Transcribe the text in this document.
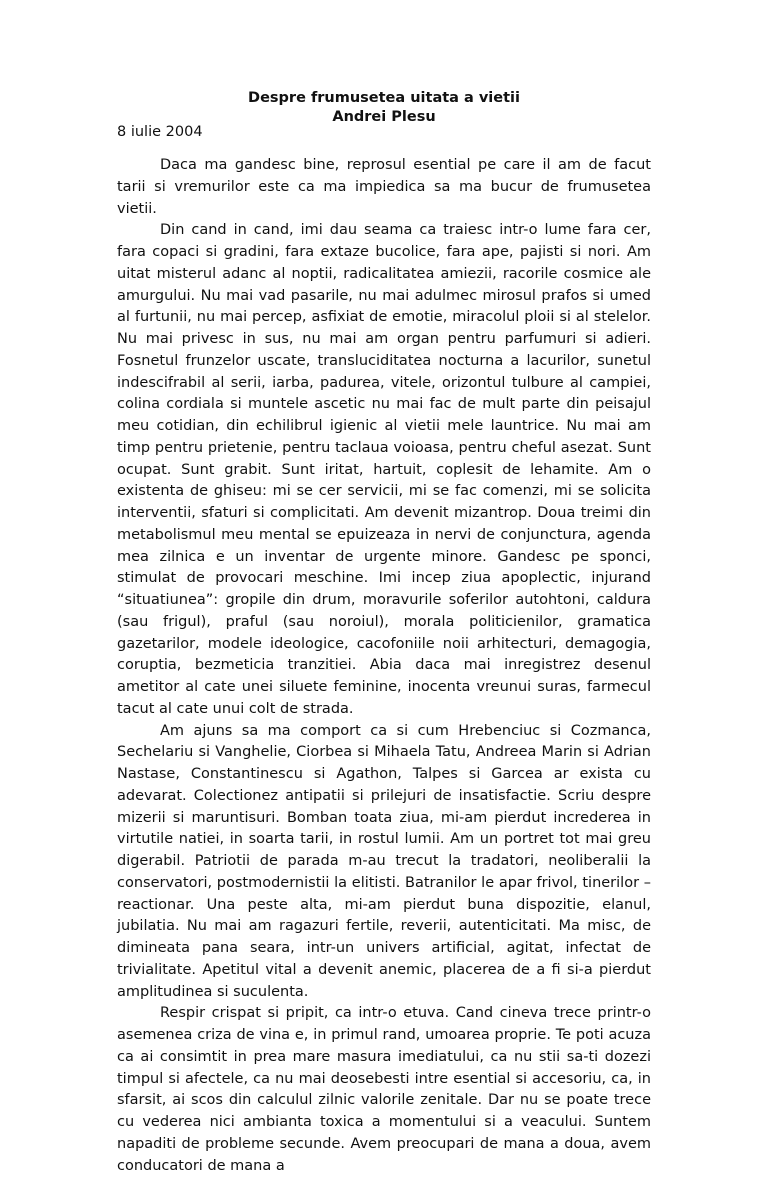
Despre frumusetea uitata a vietii
Andrei Plesu
8 iulie 2004

Daca ma gandesc bine, reprosul esential pe care il am de facut tarii si vremurilor este ca ma impiedica sa ma bucur de frumusetea vietii.

Din cand in cand, imi dau seama ca traiesc intr-o lume fara cer, fara copaci si gradini, fara extaze bucolice, fara ape, pajisti si nori. Am uitat misterul adanc al noptii, radicalitatea amiezii, racorile cosmice ale amurgului. Nu mai vad pasarile, nu mai adulmec mirosul prafos si umed al furtunii, nu mai percep, asfixiat de emotie, miracolul ploii si al stelelor. Nu mai privesc in sus, nu mai am organ pentru parfumuri si adieri. Fosnetul frunzelor uscate, transluciditatea nocturna a lacurilor, sunetul indescifrabil al serii, iarba, padurea, vitele, orizontul tulbure al campiei, colina cordiala si muntele ascetic nu mai fac de mult parte din peisajul meu cotidian, din echilibrul igienic al vietii mele launtrice. Nu mai am timp pentru prietenie, pentru taclaua voioasa, pentru cheful asezat. Sunt ocupat. Sunt grabit. Sunt iritat, hartuit, coplesit de lehamite. Am o existenta de ghiseu: mi se cer servicii, mi se fac comenzi, mi se solicita interventii, sfaturi si complicitati. Am devenit mizantrop. Doua treimi din metabolismul meu mental se epuizeaza in nervi de conjunctura, agenda mea zilnica e un inventar de urgente minore. Gandesc pe sponci, stimulat de provocari meschine. Imi incep ziua apoplectic, injurand “situatiunea”: gropile din drum, moravurile soferilor autohtoni, caldura (sau frigul), praful (sau noroiul), morala politicienilor, gramatica gazetarilor, modele ideologice, cacofoniile noii arhitecturi, demagogia, coruptia, bezmeticia tranzitiei. Abia daca mai inregistrez desenul ametitor al cate unei siluete feminine, inocenta vreunui suras, farmecul tacut al cate unui colt de strada.

Am ajuns sa ma comport ca si cum Hrebenciuc si Cozmanca, Sechelariu si Vanghelie, Ciorbea si Mihaela Tatu, Andreea Marin si Adrian Nastase, Constantinescu si Agathon, Talpes si Garcea ar exista cu adevarat. Colectionez antipatii si prilejuri de insatisfactie. Scriu despre mizerii si maruntisuri. Bomban toata ziua, mi-am pierdut increderea in virtutile natiei, in soarta tarii, in rostul lumii. Am un portret tot mai greu digerabil. Patriotii de parada m-au trecut la tradatori, neoliberalii la conservatori, postmodernistii la elitisti. Batranilor le apar frivol, tinerilor – reactionar. Una peste alta, mi-am pierdut buna dispozitie, elanul, jubilatia. Nu mai am ragazuri fertile, reverii, autenticitati. Ma misc, de dimineata pana seara, intr-un univers artificial, agitat, infectat de trivialitate. Apetitul vital a devenit anemic, placerea de a fi si-a pierdut amplitudinea si suculenta.

Respir crispat si pripit, ca intr-o etuva. Cand cineva trece printr-o asemenea criza de vina e, in primul rand, umoarea proprie. Te poti acuza ca ai consimtit in prea mare masura imediatului, ca nu stii sa-ti dozezi timpul si afectele, ca nu mai deosebesti intre esential si accesoriu, ca, in sfarsit, ai scos din calculul zilnic valorile zenitale. Dar nu se poate trece cu vederea nici ambianta toxica a momentului si a veacului. Suntem napaditi de probleme secunde. Avem preocupari de mana a doua, avem conducatori de mana a
